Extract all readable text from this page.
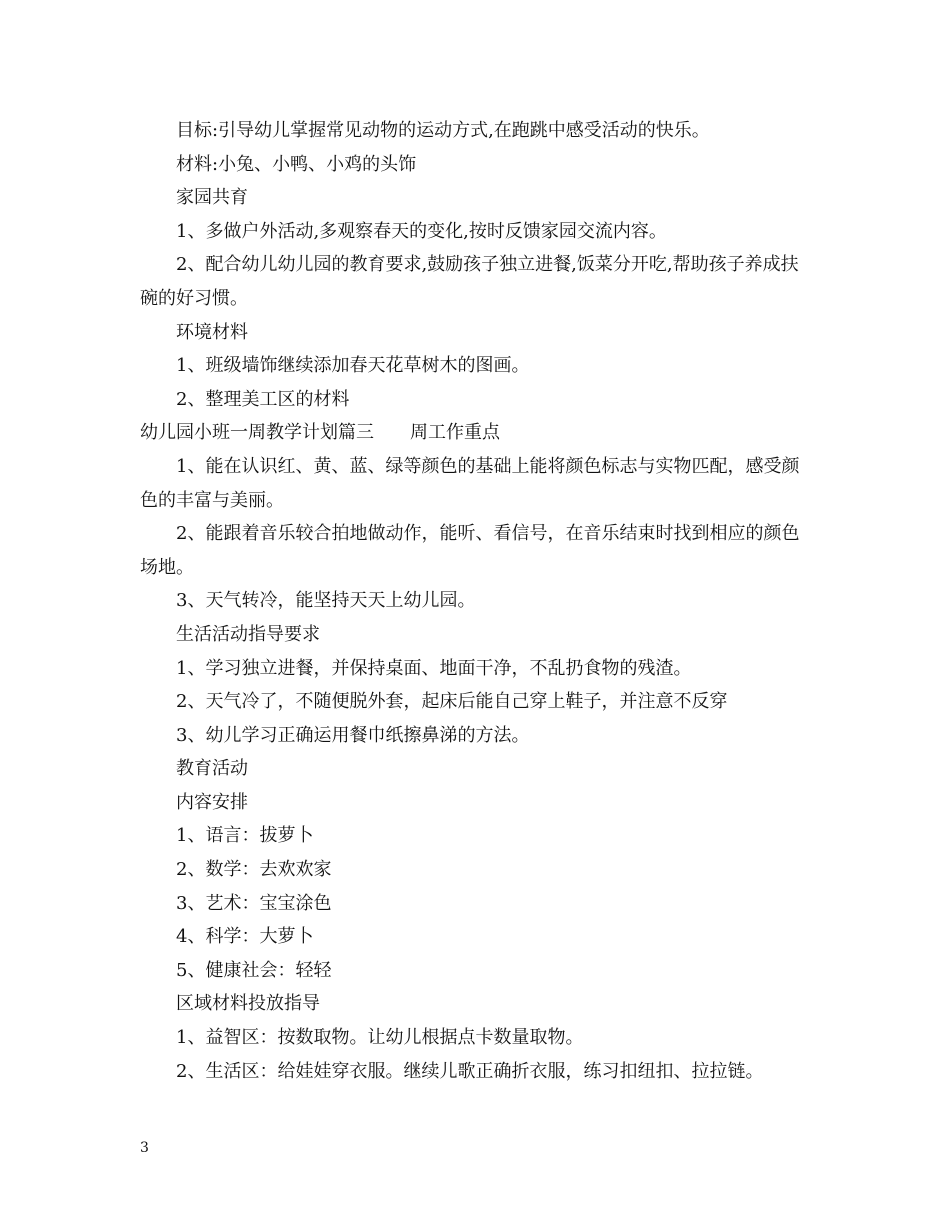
目标:引导幼儿掌握常见动物的运动方式,在跑跳中感受活动的快乐。

材料:小兔、小鸭、小鸡的头饰

家园共育

1、多做户外活动,多观察春天的变化,按时反馈家园交流内容。

2、配合幼儿幼儿园的教育要求,鼓励孩子独立进餐,饭菜分开吃,帮助孩子养成扶碗的好习惯。

环境材料

1、班级墙饰继续添加春天花草树木的图画。

2、整理美工区的材料

幼儿园小班一周教学计划篇三　　周工作重点

1、能在认识红、黄、蓝、绿等颜色的基础上能将颜色标志与实物匹配，感受颜色的丰富与美丽。

2、能跟着音乐较合拍地做动作，能听、看信号，在音乐结束时找到相应的颜色场地。

3、天气转冷，能坚持天天上幼儿园。

生活活动指导要求

1、学习独立进餐，并保持桌面、地面干净，不乱扔食物的残渣。

2、天气冷了，不随便脱外套，起床后能自己穿上鞋子，并注意不反穿

3、幼儿学习正确运用餐巾纸擦鼻涕的方法。

教育活动

内容安排

1、语言：拔萝卜

2、数学：去欢欢家

3、艺术：宝宝涂色

4、科学：大萝卜

5、健康社会：轻轻

区域材料投放指导

1、益智区：按数取物。让幼儿根据点卡数量取物。

2、生活区：给娃娃穿衣服。继续儿歌正确折衣服，练习扣纽扣、拉拉链。

3
